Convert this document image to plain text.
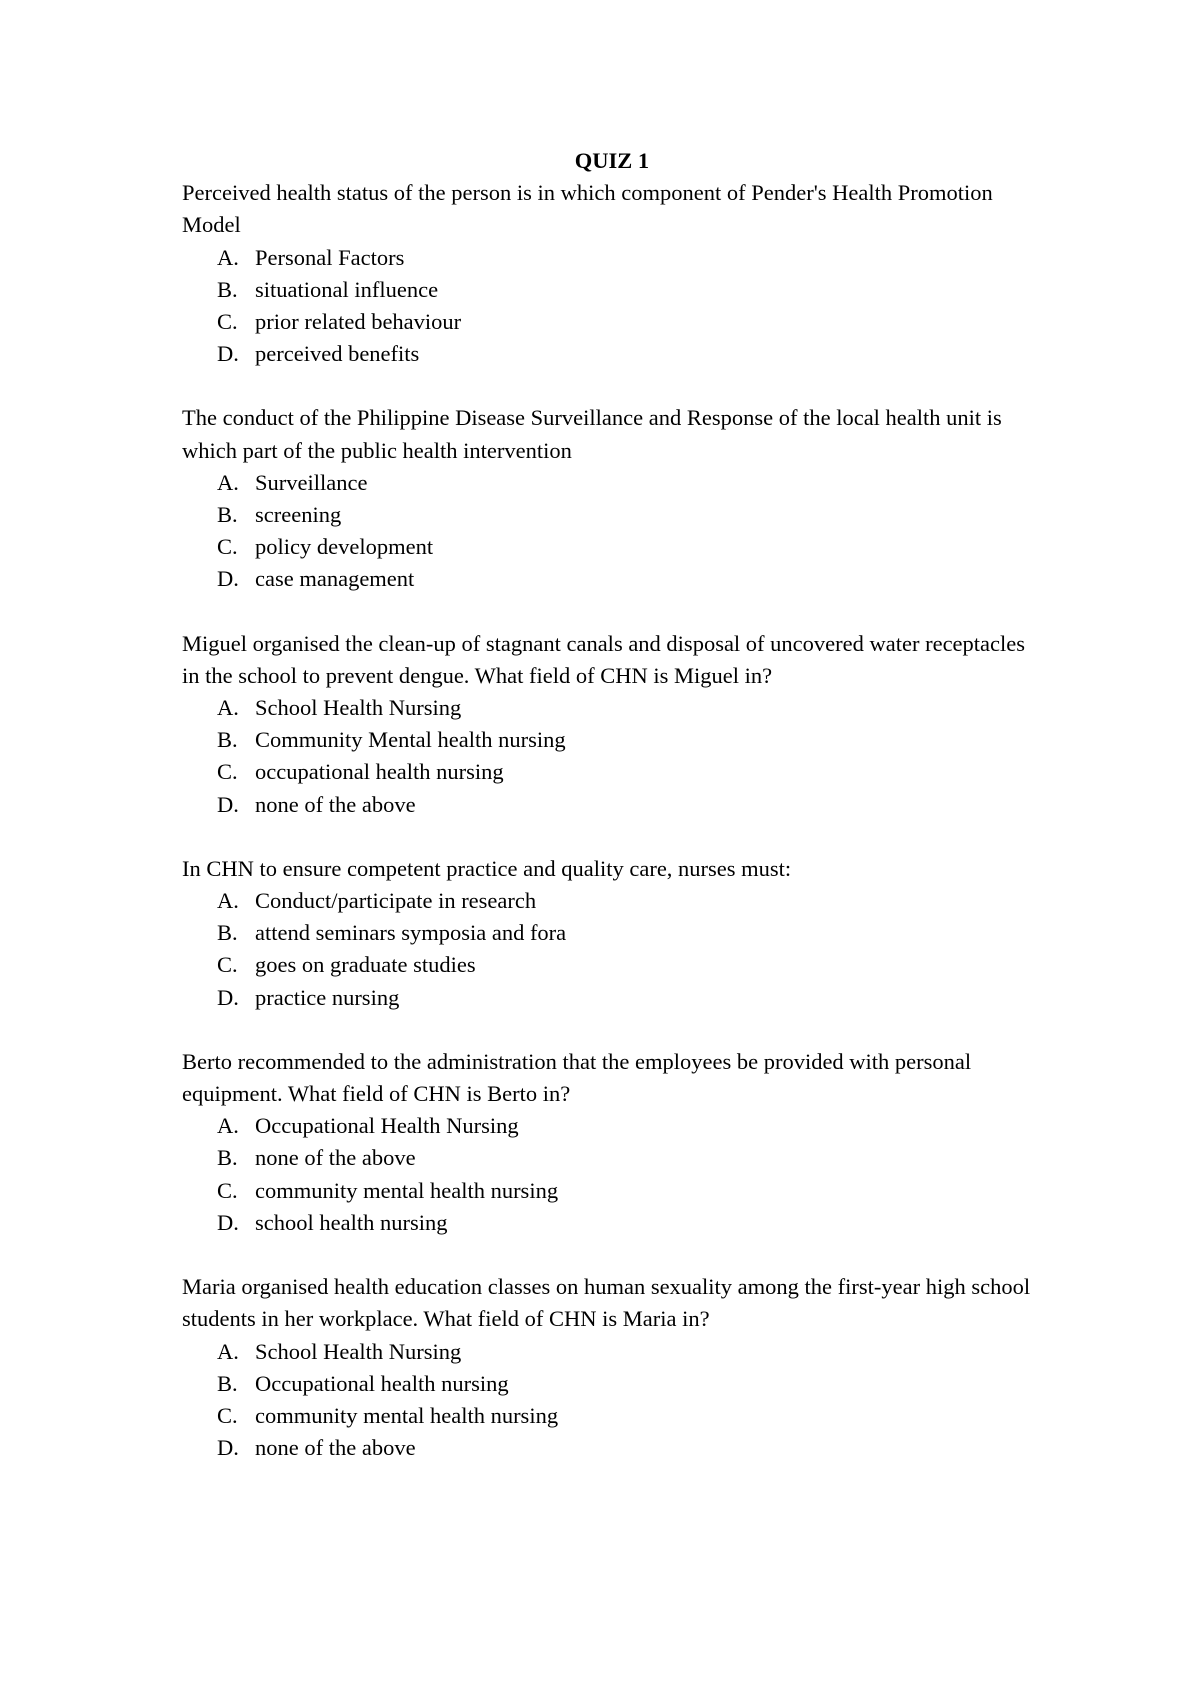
QUIZ 1

Perceived health status of the person is in which component of Pender's Health Promotion Model

A. Personal Factors
B. situational influence
C. prior related behaviour
D. perceived benefits

The conduct of the Philippine Disease Surveillance and Response of the local health unit is which part of the public health intervention

A. Surveillance
B. screening
C. policy development
D. case management

Miguel organised the clean-up of stagnant canals and disposal of uncovered water receptacles in the school to prevent dengue. What field of CHN is Miguel in?

A. School Health Nursing
B. Community Mental health nursing
C. occupational health nursing
D. none of the above

In CHN to ensure competent practice and quality care, nurses must:

A. Conduct/participate in research
B. attend seminars symposia and fora
C. goes on graduate studies
D. practice nursing

Berto recommended to the administration that the employees be provided with personal equipment. What field of CHN is Berto in?

A. Occupational Health Nursing
B. none of the above
C. community mental health nursing
D. school health nursing

Maria organised health education classes on human sexuality among the first-year high school students in her workplace. What field of CHN is Maria in?

A. School Health Nursing
B. Occupational health nursing
C. community mental health nursing
D. none of the above
